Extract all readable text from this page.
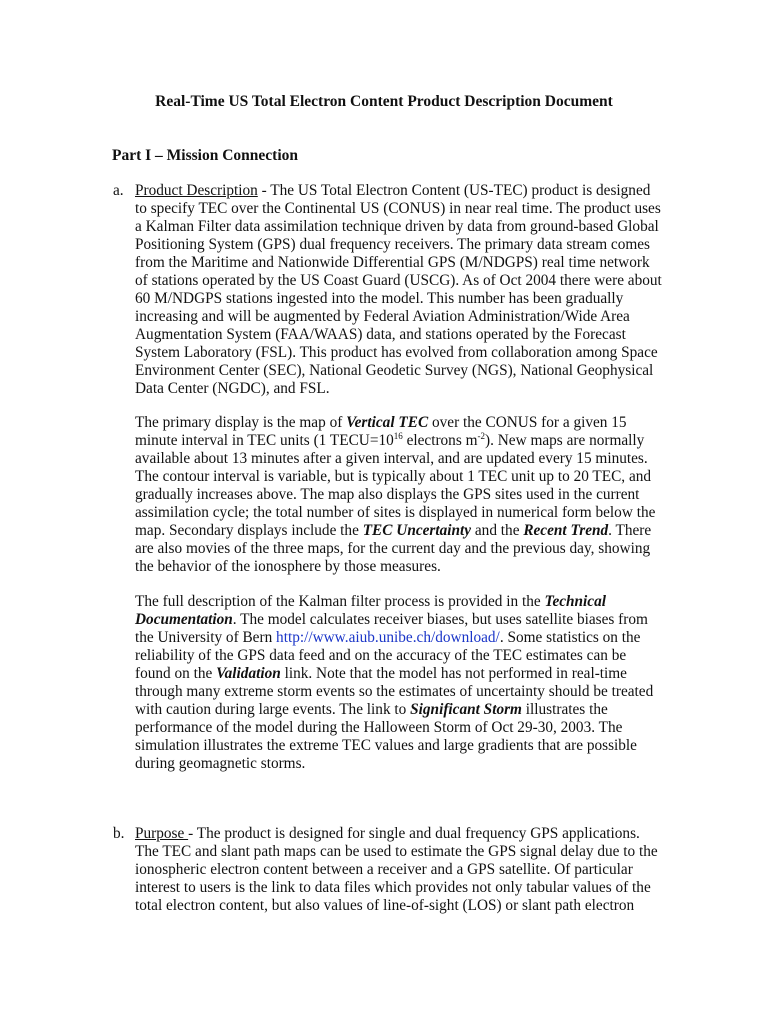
Real-Time US Total Electron Content Product Description Document
Part I – Mission Connection
a. Product Description - The US Total Electron Content (US-TEC) product is designed
to specify TEC over the Continental US (CONUS) in near real time. The product uses
a Kalman Filter data assimilation technique driven by data from ground-based Global
Positioning System (GPS) dual frequency receivers. The primary data stream comes
from the Maritime and Nationwide Differential GPS (M/NDGPS) real time network
of stations operated by the US Coast Guard (USCG). As of Oct 2004 there were about
60 M/NDGPS stations ingested into the model. This number has been gradually
increasing and will be augmented by Federal Aviation Administration/Wide Area
Augmentation System (FAA/WAAS) data, and stations operated by the Forecast
System Laboratory (FSL). This product has evolved from collaboration among Space
Environment Center (SEC), National Geodetic Survey (NGS), National Geophysical
Data Center (NGDC), and FSL.
The primary display is the map of Vertical TEC over the CONUS for a given 15
minute interval in TEC units (1 $TECU=10^{16}$ electrons $m^{-2}$). New maps are normally
available about 13 minutes after a given interval, and are updated every 15 minutes.
The contour interval is variable, but is typically about 1 TEC unit up to 20 TEC, and
gradually increases above. The map also displays the GPS sites used in the current
assimilation cycle; the total number of sites is displayed in numerical form below the
map. Secondary displays include the TEC Uncertainty and the Recent Trend. There
are also movies of the three maps, for the current day and the previous day, showing
the behavior of the ionosphere by those measures.
The full description of the Kalman filter process is provided in the Technical
Documentation. The model calculates receiver biases, but uses satellite biases from
the University of Bern http://www.aiub.unibe.ch/download/. Some statistics on the
reliability of the GPS data feed and on the accuracy of the TEC estimates can be
found on the Validation link. Note that the model has not performed in real-time
through many extreme storm events so the estimates of uncertainty should be treated
with caution during large events. The link to Significant Storm illustrates the
performance of the model during the Halloween Storm of Oct 29-30, 2003. The
simulation illustrates the extreme TEC values and large gradients that are possible
during geomagnetic storms.
b. Purpose - The product is designed for single and dual frequency GPS applications.
The TEC and slant path maps can be used to estimate the GPS signal delay due to the
ionospheric electron content between a receiver and a GPS satellite. Of particular
interest to users is the link to data files which provides not only tabular values of the
total electron content, but also values of line-of-sight (LOS) or slant path electron
